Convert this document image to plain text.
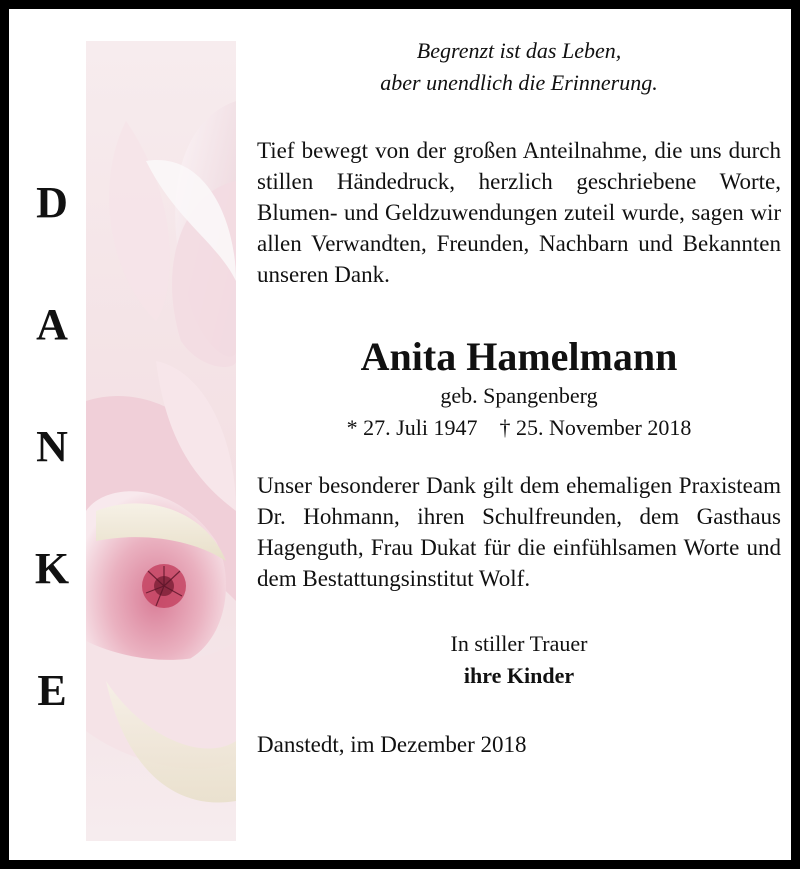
D
A
N
K
E
Begrenzt ist das Leben,
aber unendlich die Erinnerung.

Tief bewegt von der großen Anteilnahme, die uns durch stillen Händedruck, herzlich geschriebene Worte, Blumen- und Geldzuwendungen zuteil wurde, sagen wir allen Verwandten, Freunden, Nachbarn und Bekannten unseren Dank.

Anita Hamelmann
geb. Spangenberg
* 27. Juli 1947 † 25. November 2018

Unser besonderer Dank gilt dem ehemaligen Praxisteam Dr. Hohmann, ihren Schulfreunden, dem Gasthaus Hagenguth, Frau Dukat für die einfühlsamen Worte und dem Bestattungsinstitut Wolf.

In stiller Trauer
ihre Kinder
Danstedt, im Dezember 2018
